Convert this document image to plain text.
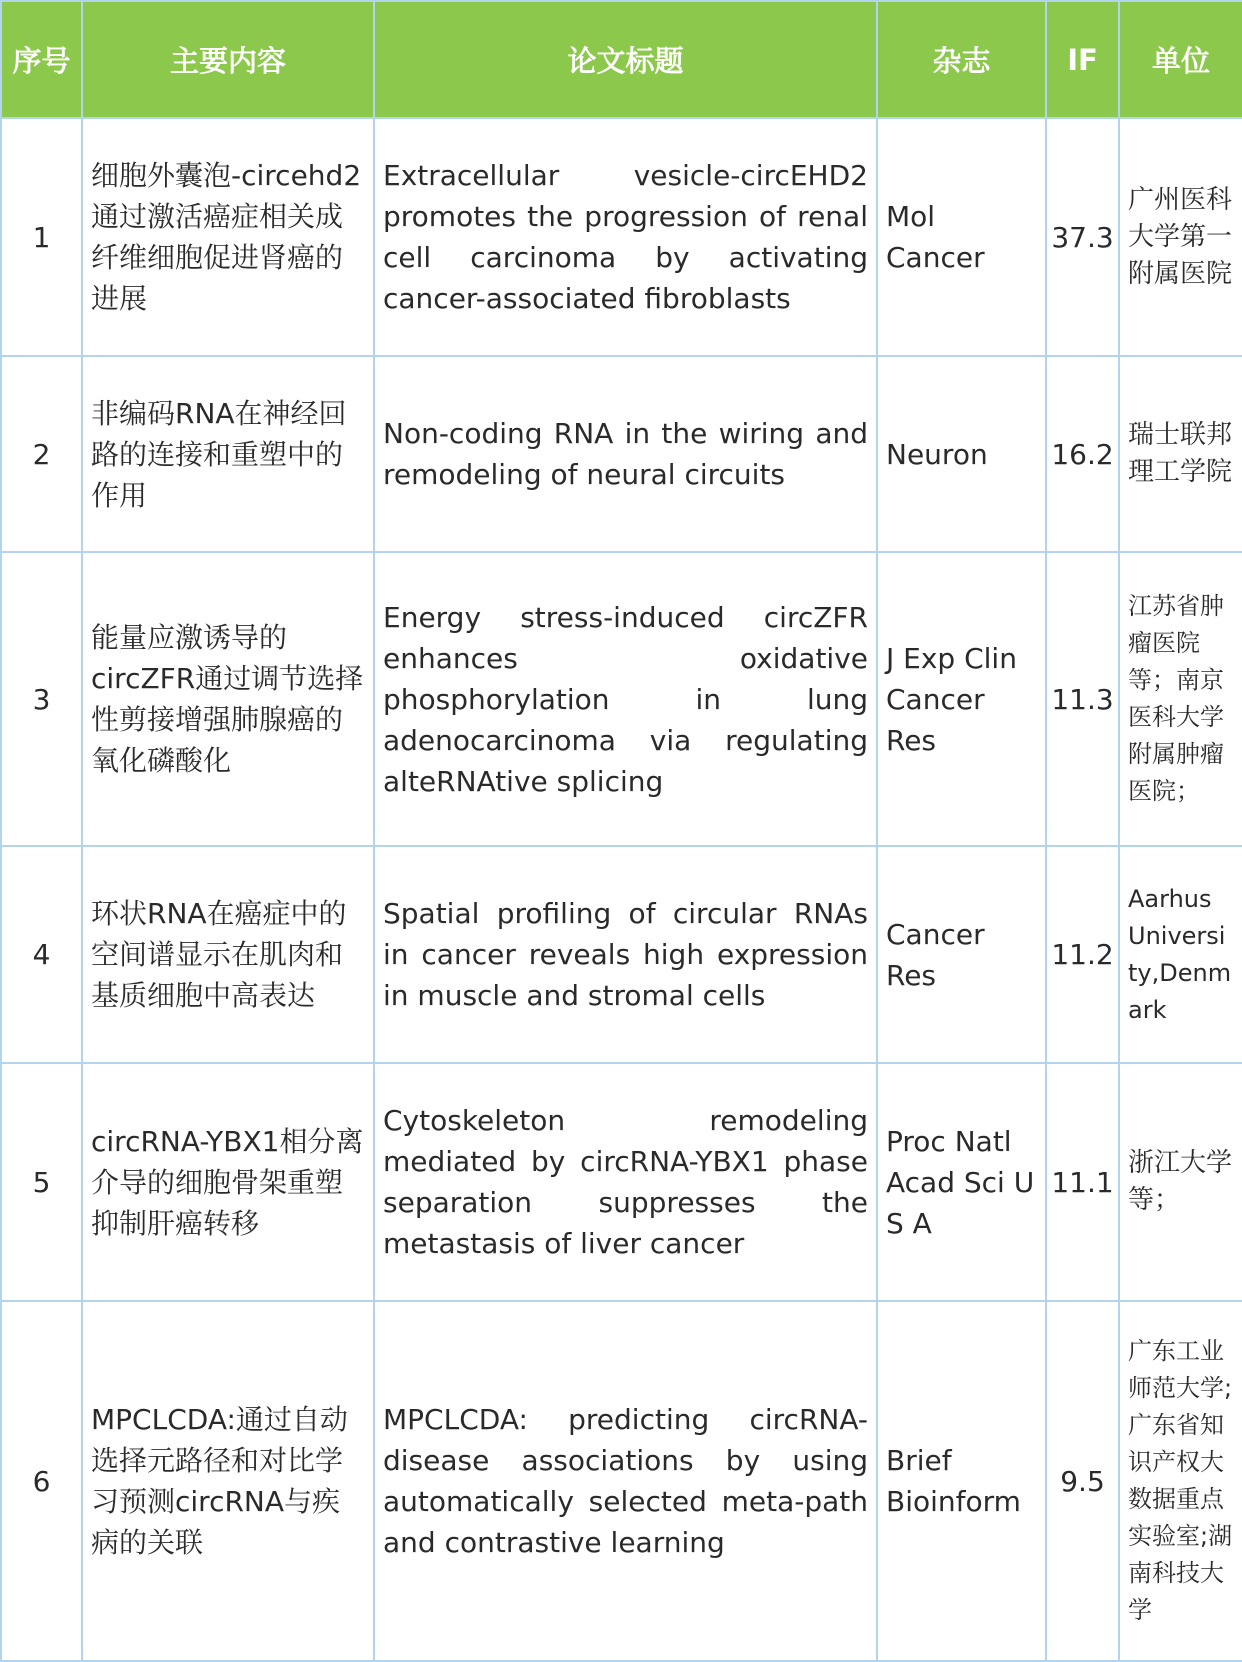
序号	主要内容	论文标题	杂志	IF	单位
1	细胞外囊泡-circehd2通过激活癌症相关成纤维细胞促进肾癌的进展	Extracellular vesicle-circEHD2 promotes the progression of renal cell carcinoma by activating cancer-associated fibroblasts	Mol Cancer	37.3	广州医科大学第一附属医院
2	非编码RNA在神经回路的连接和重塑中的作用	Non-coding RNA in the wiring and remodeling of neural circuits	Neuron	16.2	瑞士联邦理工学院
3	能量应激诱导的circZFR通过调节选择性剪接增强肺腺癌的氧化磷酸化	Energy stress-induced circZFR enhances oxidative phosphorylation in lung adenocarcinoma via regulating alteRNAtive splicing	J Exp Clin Cancer Res	11.3	江苏省肿瘤医院等；南京医科大学附属肿瘤医院；
4	环状RNA在癌症中的空间谱显示在肌肉和基质细胞中高表达	Spatial profiling of circular RNAs in cancer reveals high expression in muscle and stromal cells	Cancer Res	11.2	Aarhus University,Denmark
5	circRNA-YBX1相分离介导的细胞骨架重塑抑制肝癌转移	Cytoskeleton remodeling mediated by circRNA-YBX1 phase separation suppresses the metastasis of liver cancer	Proc Natl Acad Sci U S A	11.1	浙江大学等；
6	MPCLCDA:通过自动选择元路径和对比学习预测circRNA与疾病的关联	MPCLCDA: predicting circRNA-disease associations by using automatically selected meta-path and contrastive learning	Brief Bioinform	9.5	广东工业师范大学;广东省知识产权大数据重点实验室;湖南科技大学
